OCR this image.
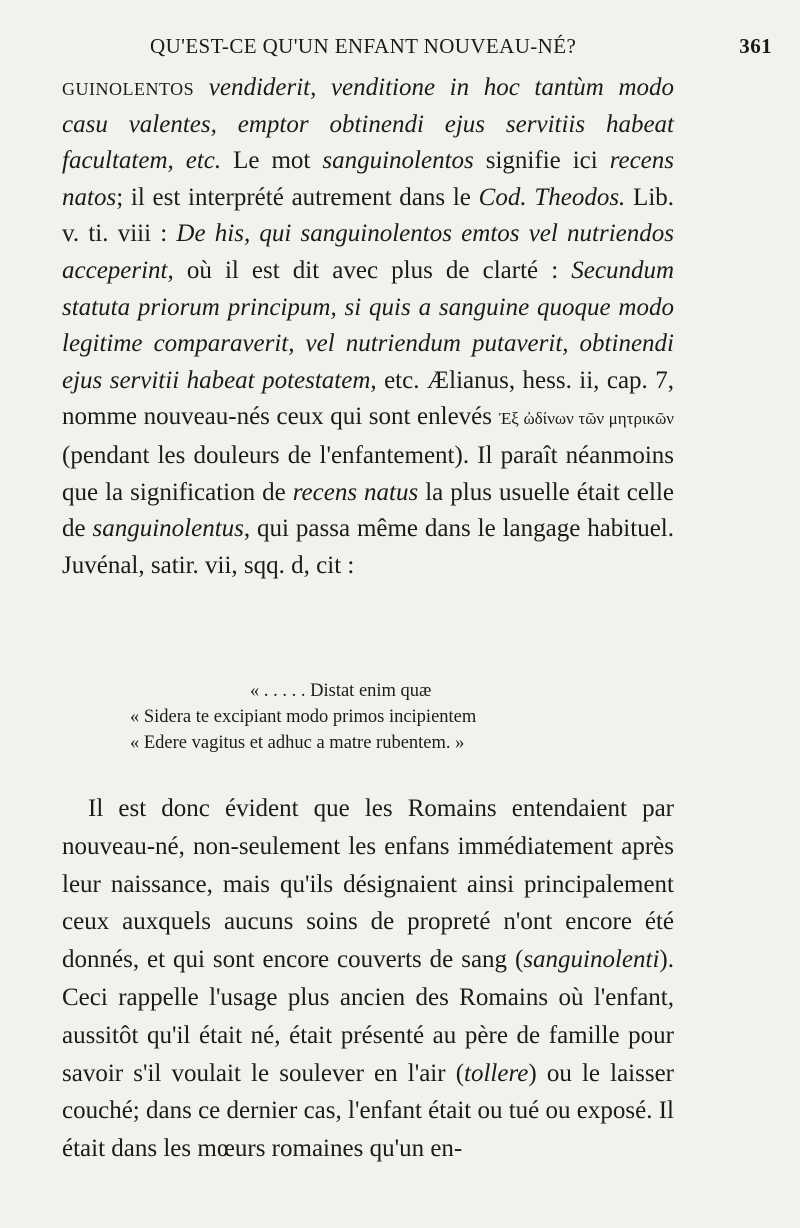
QU'EST-CE QU'UN ENFANT NOUVEAU-NÉ?	361
guinolentos vendiderit, venditione in hoc tantùm modo casu valentes, emptor obtinendi ejus servitiis habeat facultatem, etc. Le mot sanguinolentos signifie ici recens natos; il est interprété autrement dans le Cod. Theodos. Lib. v. ti. viii : De his, qui sanguinolentos emtos vel nutriendos acceperint, où il est dit avec plus de clarté : Secundum statuta priorum principum, si quis a sanguine quoque modo legitime comparaverit, vel nutriendum putaverit, obtinendi ejus servitii habeat potestatem, etc. Ælianus, hess. ii, cap. 7, nomme nouveau-nés ceux qui sont enlevés Ἐξ ὠδίνων τῶν μητρικῶν (pendant les douleurs de l'enfantement). Il paraît néanmoins que la signification de recens natus la plus usuelle était celle de sanguinolentus, qui passa même dans le langage habituel. Juvénal, satir. vii, sqq. d, cit :
« . . . . . Distat enim quæ
« Sidera te excipiant modo primos incipientem
« Edere vagitus et adhuc a matre rubentem. »
Il est donc évident que les Romains entendaient par nouveau-né, non-seulement les enfans immédiatement après leur naissance, mais qu'ils désignaient ainsi principalement ceux auxquels aucuns soins de propreté n'ont encore été donnés, et qui sont encore couverts de sang (sanguinolenti). Ceci rappelle l'usage plus ancien des Romains où l'enfant, aussitôt qu'il était né, était présenté au père de famille pour savoir s'il voulait le soulever en l'air (tollere) ou le laisser couché; dans ce dernier cas, l'enfant était ou tué ou exposé. Il était dans les mœurs romaines qu'un en-
